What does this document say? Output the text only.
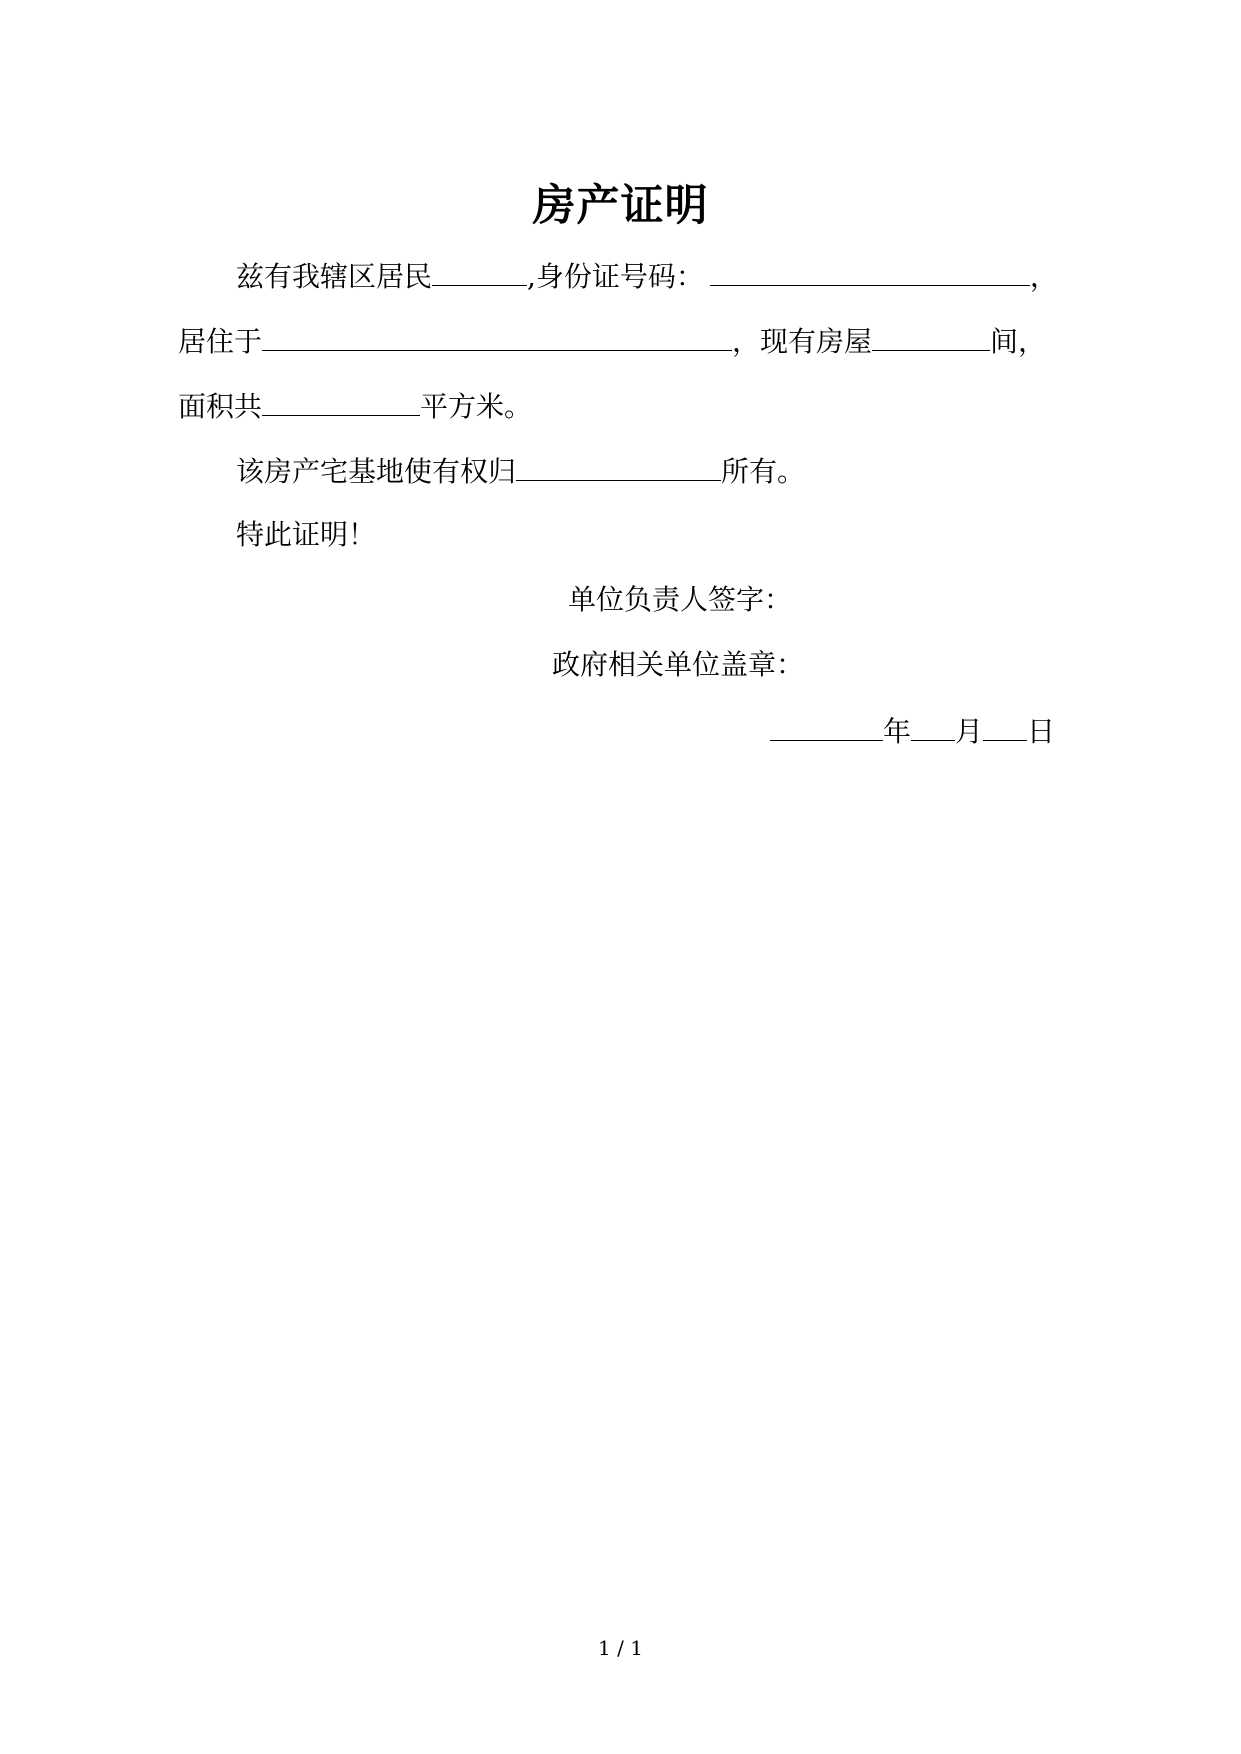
房产证明
兹有我辖区居民	,身份证号码：	，
居住于	，现有房屋	间，
面积共	平方米。
该房产宅基地使有权归	所有。
特此证明！
单位负责人签字：
政府相关单位盖章：
年 月 日
1 / 1
